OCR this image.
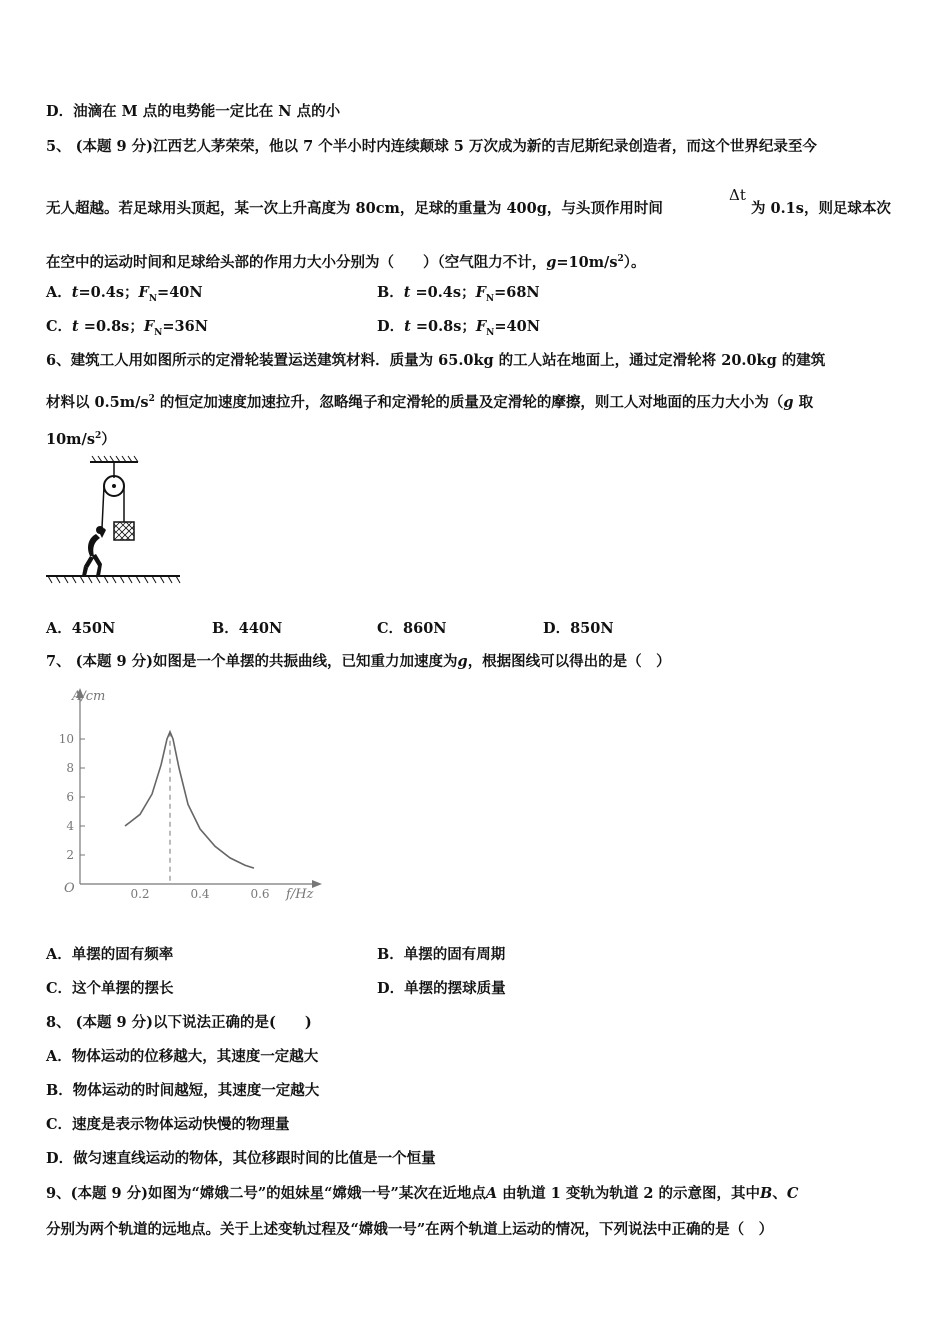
D．油滴在 M 点的电势能一定比在 N 点的小
5、 (本题 9 分)江西艺人茅荣荣，他以 7 个半小时内连续颠球 5 万次成为新的吉尼斯纪录创造者，而这个世界纪录至今
无人超越。若足球用头顶起，某一次上升高度为 80cm，足球的重量为 400g，与头顶作用时间
Δt
为 0.1s，则足球本次
在空中的运动时间和足球给头部的作用力大小分别为（　　）（空气阻力不计，$g=10m/s^2$）。
A．t=0.4s；$F_N=40N$	B．t =0.4s；$F_N=68N$
C．t =0.8s；$F_N=36N$	D．t =0.8s；$F_N=40N$
6、建筑工人用如图所示的定滑轮装置运送建筑材料．质量为 65.0kg 的工人站在地面上，通过定滑轮将 20.0kg 的建筑
材料以 $0.5m/s^2$ 的恒定加速度加速拉升，忽略绳子和定滑轮的质量及定滑轮的摩擦，则工人对地面的压力大小为（g 取
$10m/s^2$）
A．450N	B．440N	C．860N	D．850N
7、 (本题 9 分)如图是一个单摆的共振曲线，已知重力加速度为g，根据图线可以得出的是（　）
A/cm
f/Hz
O
2
4
6
8
10
0.2	0.4	0.6
A．单摆的固有频率	B．单摆的固有周期
C．这个单摆的摆长	D．单摆的摆球质量
8、 (本题 9 分)以下说法正确的是(　　)
A．物体运动的位移越大，其速度一定越大
B．物体运动的时间越短，其速度一定越大
C．速度是表示物体运动快慢的物理量
D．做匀速直线运动的物体，其位移跟时间的比值是一个恒量
9、(本题 9 分)如图为“嫦娥二号”的姐妹星“嫦娥一号”某次在近地点A 由轨道 1 变轨为轨道 2 的示意图，其中B、C
分别为两个轨道的远地点。关于上述变轨过程及“嫦娥一号”在两个轨道上运动的情况，下列说法中正确的是（　）
